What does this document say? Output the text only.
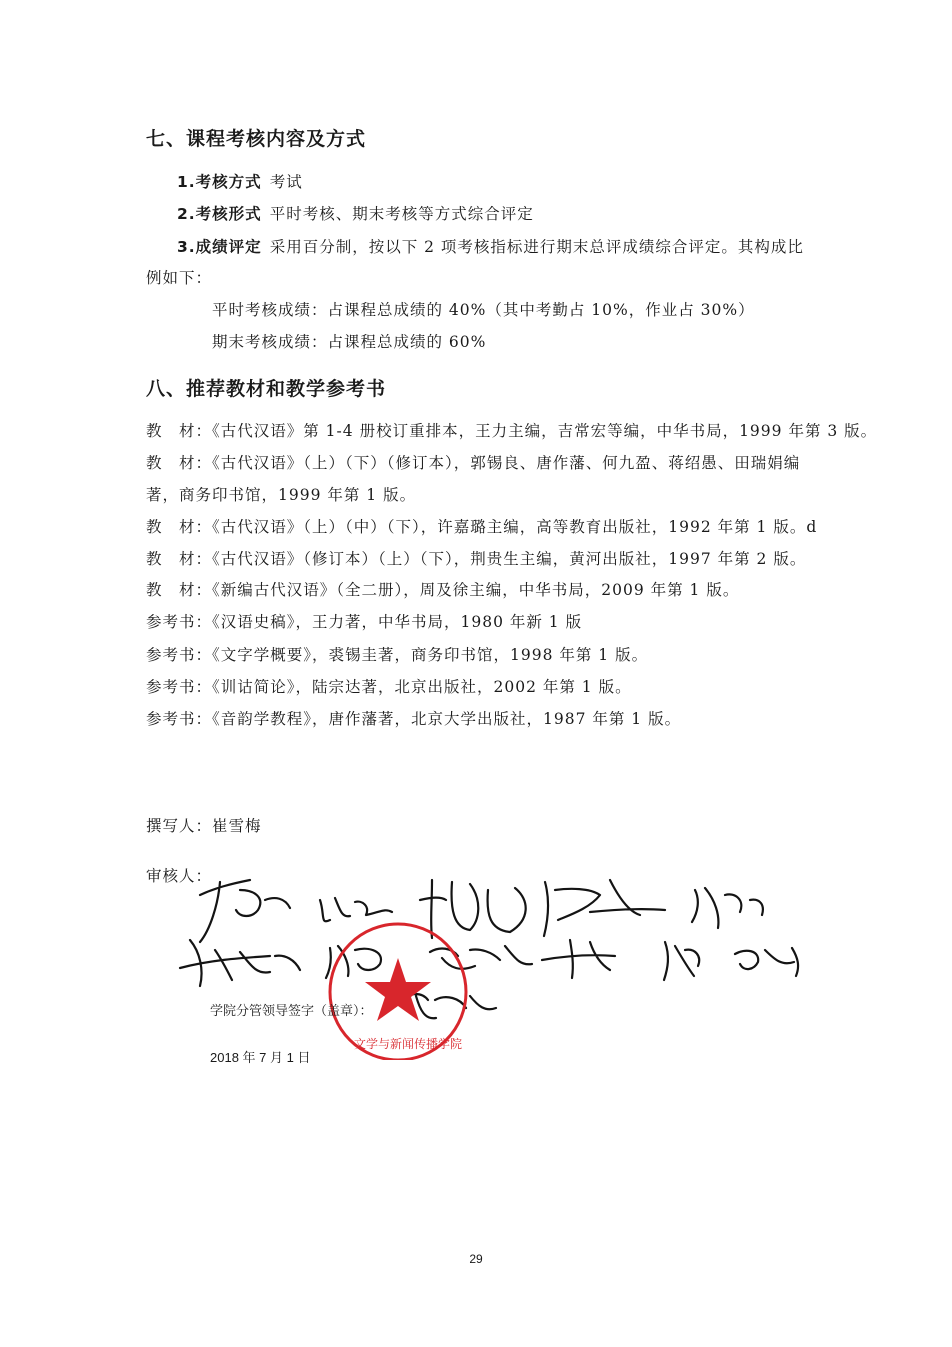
七、课程考核内容及方式
1.考核方式 考试
2.考核形式 平时考核、期末考核等方式综合评定
3.成绩评定 采用百分制，按以下 2 项考核指标进行期末总评成绩综合评定。其构成比
例如下：
平时考核成绩：占课程总成绩的 40%（其中考勤占 10%，作业占 30%）
期末考核成绩：占课程总成绩的 60%
八、推荐教材和教学参考书
教　材：《古代汉语》第 1-4 册校订重排本，王力主编，吉常宏等编，中华书局，1999 年第 3 版。
教　材：《古代汉语》（上）（下）（修订本），郭锡良、唐作藩、何九盈、蒋绍愚、田瑞娟编
著，商务印书馆，1999 年第 1 版。
教　材：《古代汉语》（上）（中）（下），许嘉璐主编，高等教育出版社，1992 年第 1 版。d
教　材：《古代汉语》（修订本）（上）（下），荆贵生主编，黄河出版社，1997 年第 2 版。
教　材：《新编古代汉语》（全二册），周及徐主编，中华书局，2009 年第 1 版。
参考书：《汉语史稿》，王力著，中华书局，1980 年新 1 版
参考书：《文字学概要》，裘锡圭著，商务印书馆，1998 年第 1 版。
参考书：《训诂简论》，陆宗达著，北京出版社，2002 年第 1 版。
参考书：《音韵学教程》，唐作藩著，北京大学出版社，1987 年第 1 版。
撰写人：崔雪梅
审核人：
学院分管领导签字（盖章）：
文学与新闻传播学院
2018 年 7 月 1 日
29
